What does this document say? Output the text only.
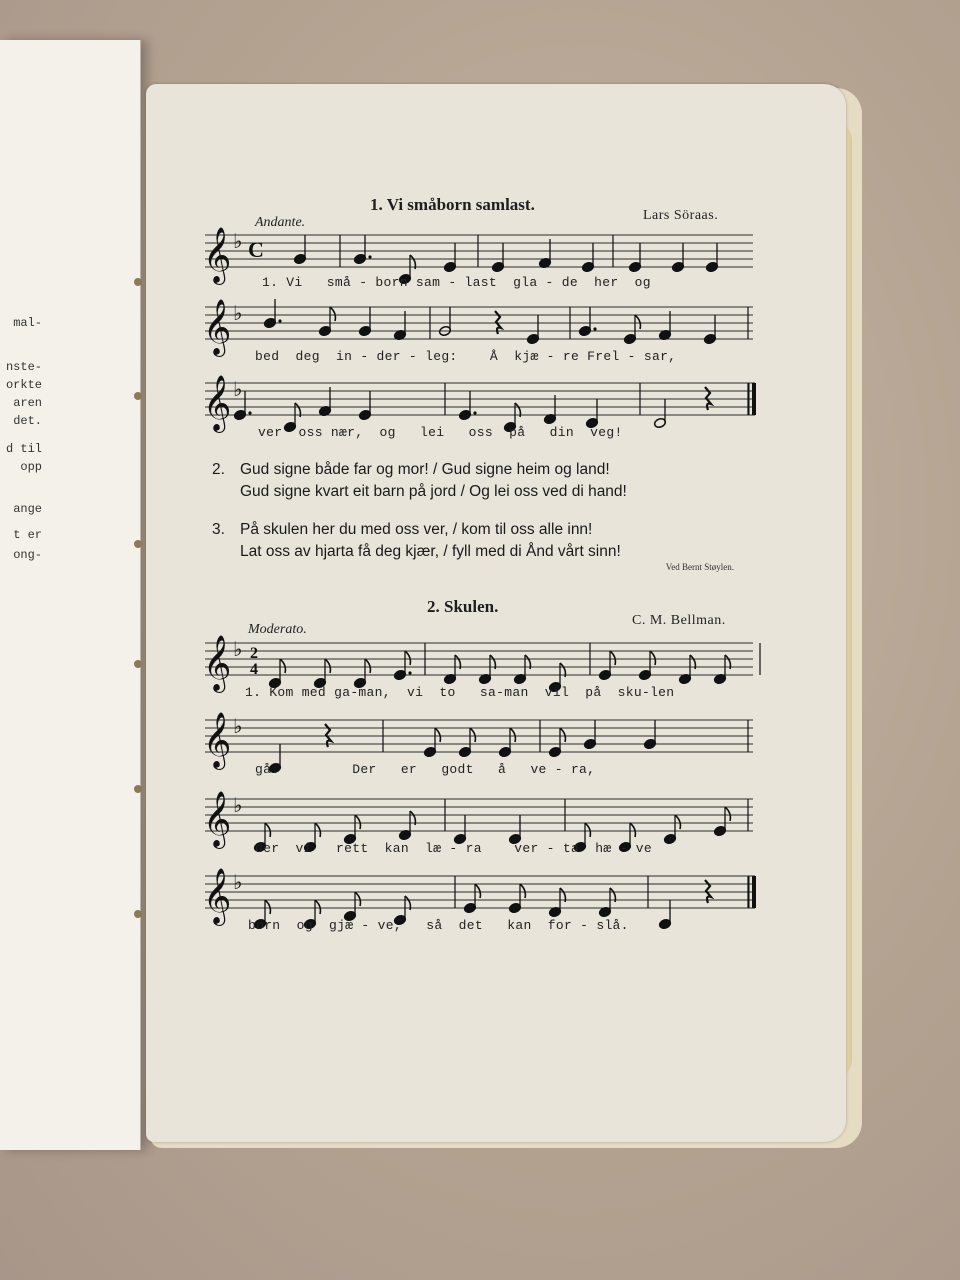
mal-
nste-
orkte
aren
det.
d til
opp
ange
t er
ong-
1. Vi småborn samlast.
Lars Söraas.
Andante.
𝄞 ♭ C
1. Vi   små - born sam - last  gla - de  her  og
𝄞 ♭
bed  deg  in - der - leg:    Å  kjæ - re Frel - sar,
𝄞 ♭
ver  oss nær,  og   lei   oss  på   din  veg!
2. Gud signe både far og mor! / Gud signe heim og land!
Gud signe kvart eit barn på jord / Og lei oss ved di hand!
3. På skulen her du med oss ver, / kom til oss alle inn!
Lat oss av hjarta få deg kjær, / fyll med di Ånd vårt sinn!
Ved Bernt Støylen.
2. Skulen.
C. M. Bellman.
Moderato.
𝄞 ♭ 2
4
1. Kom med ga-man,  vi  to   sa-man  vil  på  sku-len
𝄞 ♭
gå.         Der   er   godt   å   ve - ra,
𝄞 ♭
der  vi   rett  kan  læ - ra    ver - ta  hæ - ve
𝄞 ♭
born  og  gjæ - ve,   så  det   kan  for - slå.
